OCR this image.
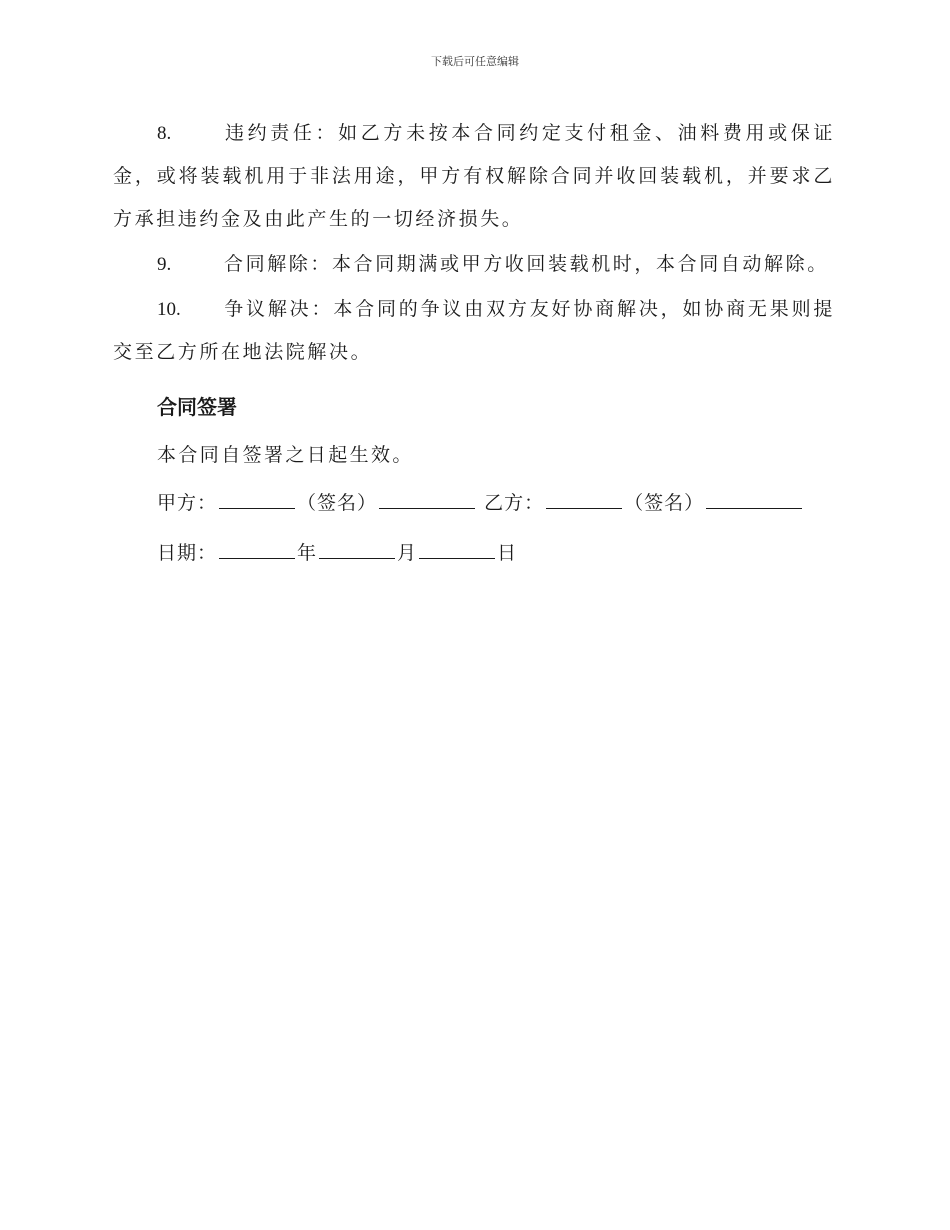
下载后可任意编辑

8.	违约责任：如乙方未按本合同约定支付租金、油料费用或保证金，或将装载机用于非法用途，甲方有权解除合同并收回装载机，并要求乙方承担违约金及由此产生的一切经济损失。

9.	合同解除：本合同期满或甲方收回装载机时，本合同自动解除。

10. 争议解决：本合同的争议由双方友好协商解决，如协商无果则提交至乙方所在地法院解决。

合同签署
本合同自签署之日起生效。
甲方：	（签名）	乙方：	（签名）
日期：	年	月	日
